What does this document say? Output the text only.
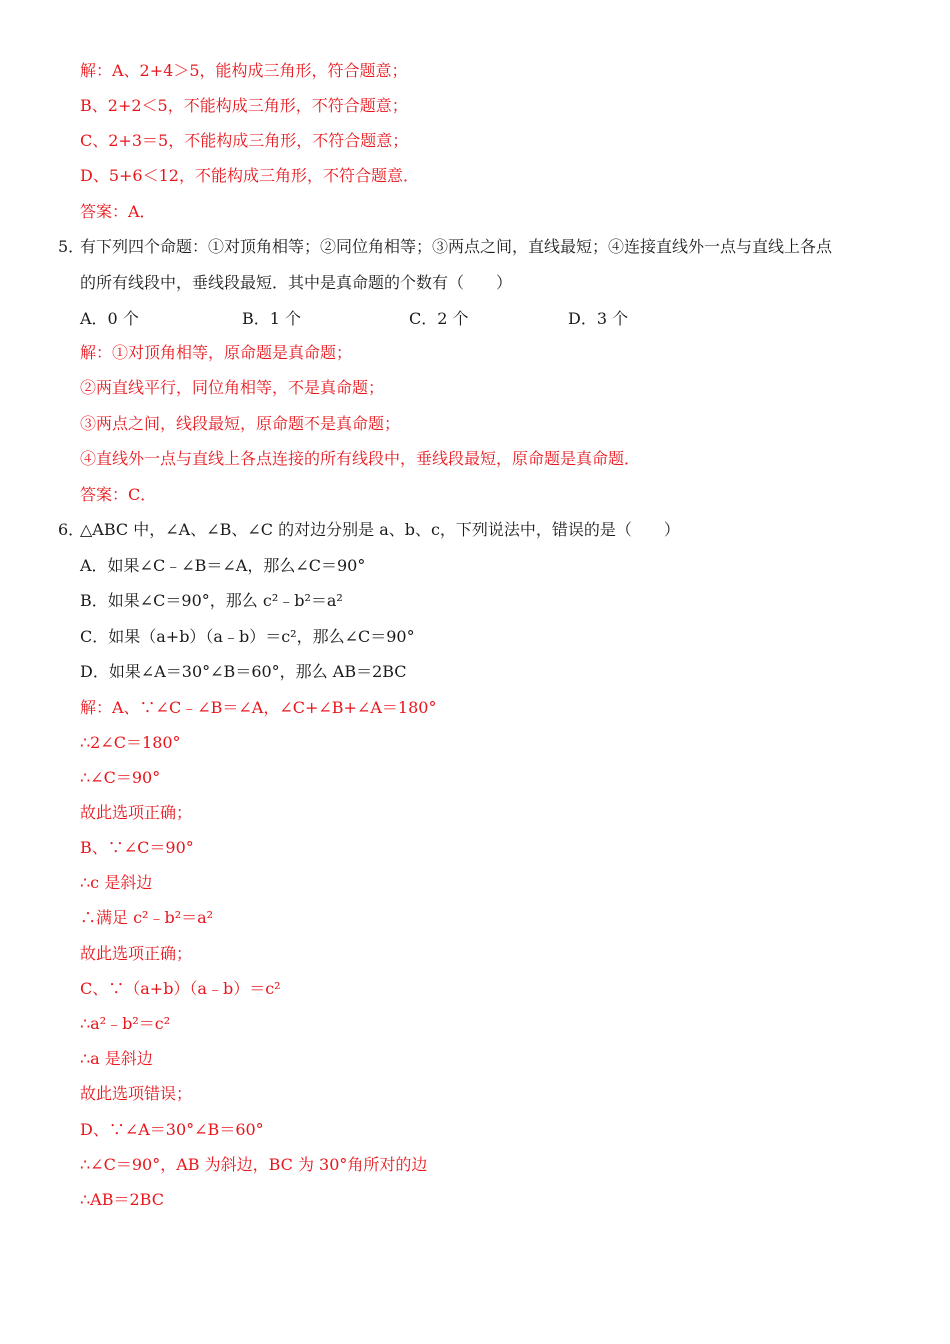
解：A、2+4＞5，能构成三角形，符合题意；
B、2+2＜5，不能构成三角形，不符合题意；
C、2+3＝5，不能构成三角形，不符合题意；
D、5+6＜12，不能构成三角形，不符合题意．
答案：A．
5．
有下列四个命题：①对顶角相等；②同位角相等；③两点之间，直线最短；④连接直线外一点与直线上各点
的所有线段中，垂线段最短．其中是真命题的个数有（　　）
A．0 个	B．1 个	C．2 个	D．3 个
解：①对顶角相等，原命题是真命题；
②两直线平行，同位角相等，不是真命题；
③两点之间，线段最短，原命题不是真命题；
④直线外一点与直线上各点连接的所有线段中，垂线段最短，原命题是真命题．
答案：C．
6．
△ABC 中，∠A、∠B、∠C 的对边分别是 a、b、c，下列说法中，错误的是（　　）
A．如果∠C﹣∠B＝∠A，那么∠C＝90°
B．如果∠C＝90°，那么 c²﹣b²＝a²
C．如果（a+b）（a﹣b）＝c²，那么∠C＝90°
D．如果∠A＝30°∠B＝60°，那么 AB＝2BC
解：A、∵∠C﹣∠B＝∠A，∠C+∠B+∠A＝180°
∴2∠C＝180°
∴∠C＝90°
故此选项正确；
B、∵∠C＝90°
∴c 是斜边
∴满足 c²﹣b²＝a²
故此选项正确；
C、∵（a+b）（a﹣b）＝c²
∴a²﹣b²＝c²
∴a 是斜边
故此选项错误；
D、∵∠A＝30°∠B＝60°
∴∠C＝90°，AB 为斜边，BC 为 30°角所对的边
∴AB＝2BC
